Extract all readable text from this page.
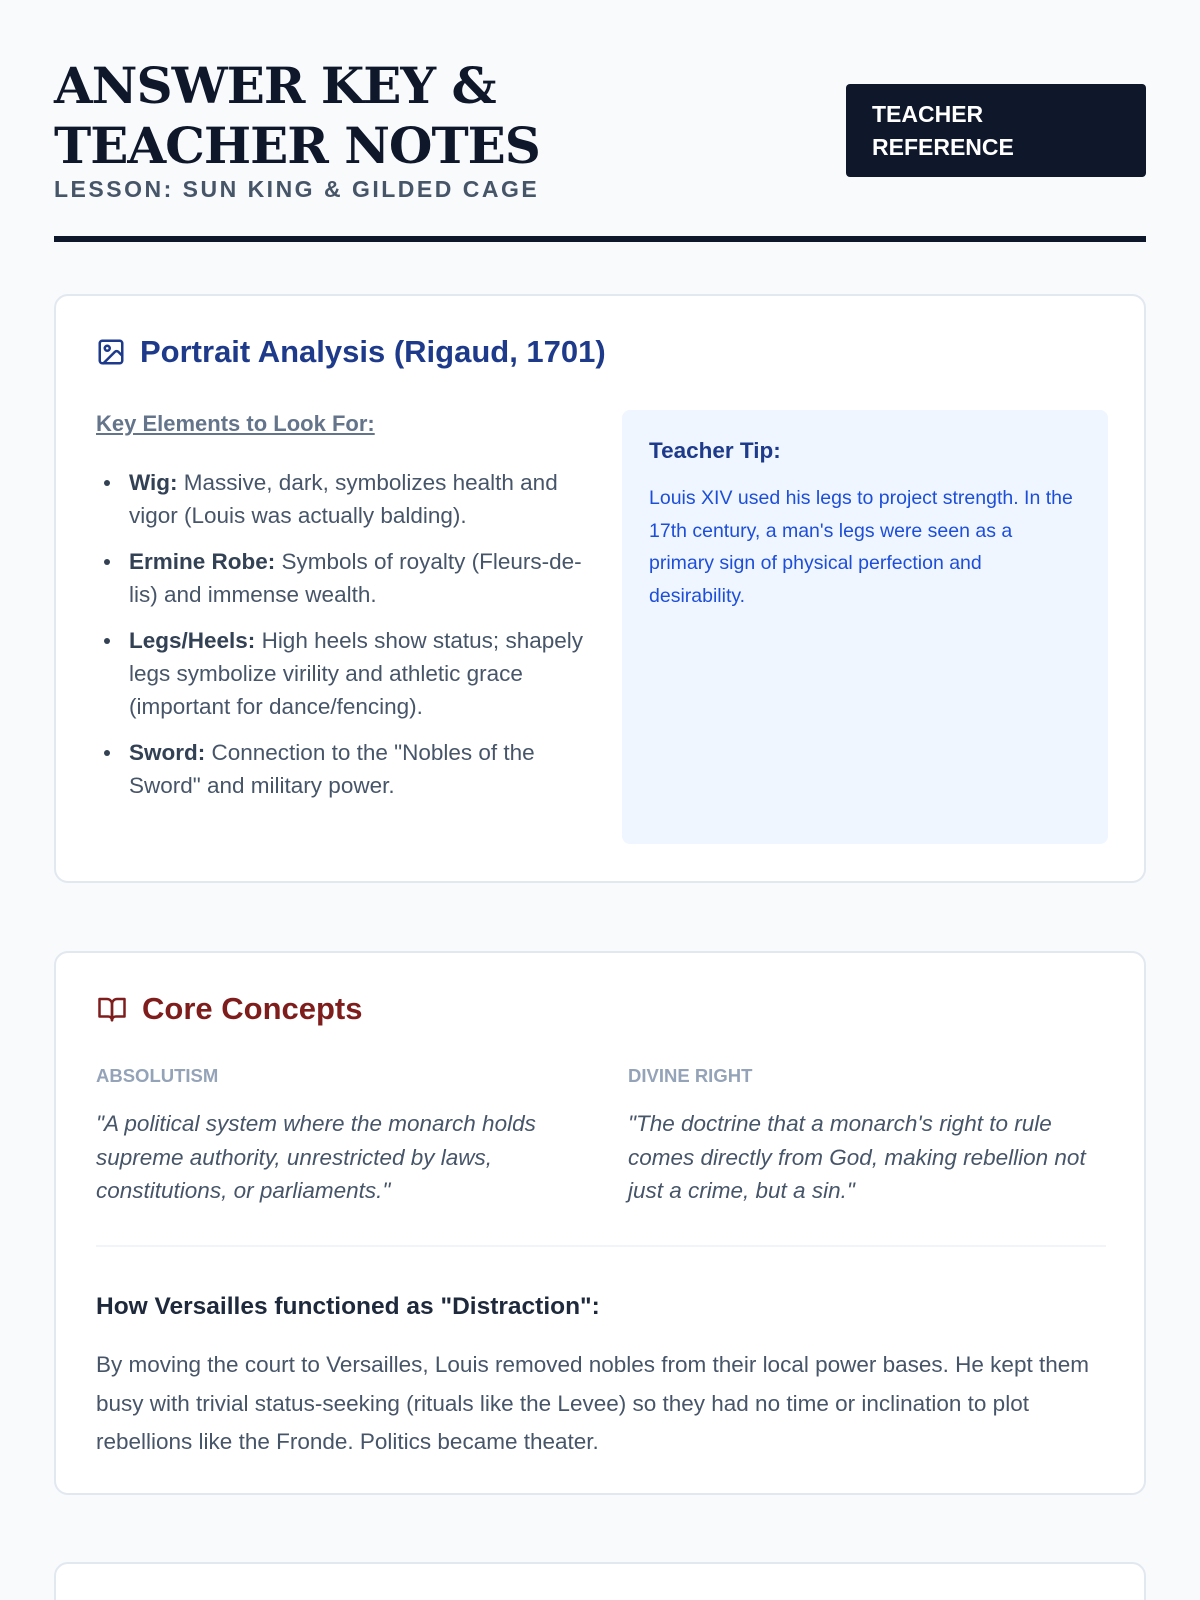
ANSWER KEY & TEACHER NOTES
LESSON: SUN KING & GILDED CAGE
TEACHER REFERENCE
Portrait Analysis (Rigaud, 1701)
Key Elements to Look For:
Wig: Massive, dark, symbolizes health and vigor (Louis was actually balding).
Ermine Robe: Symbols of royalty (Fleurs-de-lis) and immense wealth.
Legs/Heels: High heels show status; shapely legs symbolize virility and athletic grace (important for dance/fencing).
Sword: Connection to the "Nobles of the Sword" and military power.
Teacher Tip:

Louis XIV used his legs to project strength. In the 17th century, a man's legs were seen as a primary sign of physical perfection and desirability.

Core Concepts
ABSOLUTISM

"A political system where the monarch holds supreme authority, unrestricted by laws, constitutions, or parliaments."

DIVINE RIGHT

"The doctrine that a monarch's right to rule comes directly from God, making rebellion not just a crime, but a sin."

How Versailles functioned as "Distraction":

By moving the court to Versailles, Louis removed nobles from their local power bases. He kept them busy with trivial status-seeking (rituals like the Levee) so they had no time or inclination to plot rebellions like the Fronde. Politics became theater.
